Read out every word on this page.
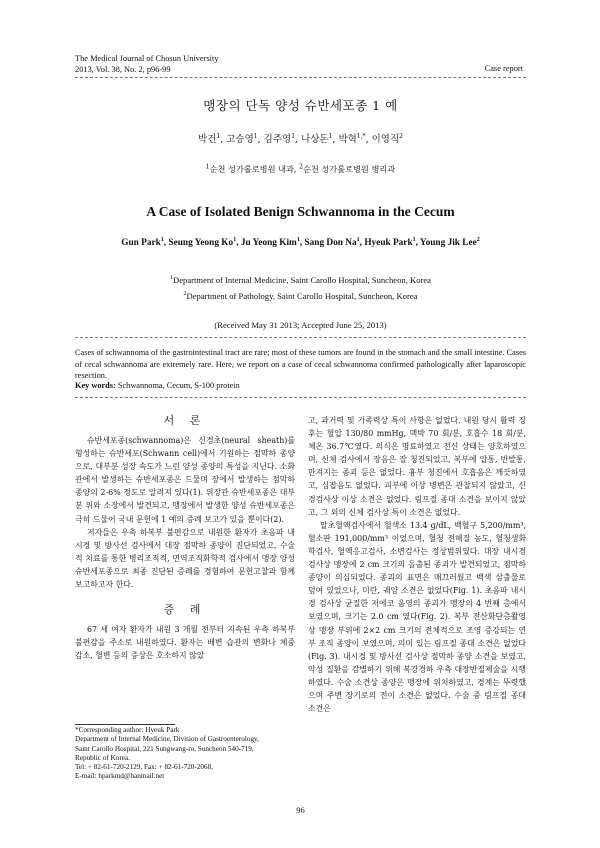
The Medical Journal of Chosun University
2013, Vol. 38, No. 2, p96-99	Case report
맹장의 단독 양성 슈반세포종 1 예
박건$^1$, 고승영$^1$, 김주영$^1$, 나상돈$^1$, 박혁$^{1,*}$, 이영직$^2$
$^1$순천 성가롤로병원 내과, $^2$순천 성가롤로병원 병리과
A Case of Isolated Benign Schwannoma in the Cecum
Gun Park$^1$, Seung Yeong Ko$^1$, Ju Yeong Kim$^1$, Sang Don Na$^1$, Hyeuk Park$^1$, Young Jik Lee$^2$
$^1$Department of Internal Medicine, Saint Carollo Hospital, Suncheon, Korea
$^2$Department of Pathology, Saint Carollo Hospital, Suncheon, Korea
(Received May 31 2013; Accepted June 25, 2013)
Cases of schwannoma of the gastrointestinal tract are rare; most of these tumors are found in the stomach and the small intestine. Cases of cecal schwannoma are extremely rare. Here, we report on a case of cecal schwannoma confirmed pathologically after laparoscopic resection.
Key words: Schwannoma, Cecum, S-100 protein
서 론

슈반세포종(schwannoma)은 신경초(neural sheath)를 형성하는 슈반세포(Schwann cell)에서 기원하는 점막하 종양으로, 대부분 성장 속도가 느린 양성 종양의 특성을 지닌다. 소화관에서 발생하는 슈반세포종은 드물며 장에서 발생하는 점막하 종양의 2-6% 정도로 알려져 있다(1). 위장관 슈반세포종은 대부분 위와 소장에서 발견되고, 맹장에서 발생한 양성 슈반세포종은 극히 드물어 국내 문헌에 1 예의 증례 보고가 있을 뿐이다(2).

저자들은 우측 하복부 불편감으로 내원한 환자가 초음파 내시경 및 방사선 검사에서 대장 점막하 종양이 진단되었고, 수술적 치료를 통한 병리조직적, 면역조직화학적 검사에서 맹장 양성 슈반세포종으로 최종 진단된 증례를 경험하여 문헌고찰과 함께 보고하고자 한다.

증 례

67 세 여자 환자가 내원 3 개월 전부터 지속된 우측 하복부 불편감을 주소로 내원하였다. 환자는 배변 습관의 변화나 체중 감소, 혈변 등의 증상은 호소하지 않았

*Corresponding author: Hyeuk Park
Department of Internal Medicine, Division of Gastroenterology,
Saint Carollo Hospital, 221 Sungwang-ro, Suncheon 540-719,
Republic of Korea.
Tel: + 82-61-720-2129, Fax: + 82-61-720-2068,
E-mail: hparkmd@hanmail.net

고, 과거력 및 가족력상 특이 사항은 없었다. 내원 당시 활력 징후는 혈압 130/80 mmHg, 맥박 70 회/분, 호흡수 18 회/분, 체온 36.7℃였다. 의식은 명료하였고 전신 상태는 양호하였으며, 신체 검사에서 장음은 잘 청진되었고, 복부에 압통, 반발통, 만져지는 종괴 등은 없었다. 흉부 청진에서 호흡음은 깨끗하였고, 심잡음도 없었다. 피부에 이상 병변은 관찰되지 않았고, 신경검사상 이상 소견은 없었다. 림프절 종대 소견을 보이지 않았고, 그 외의 신체 검사상 특이 소견은 없었다.

말초혈액검사에서 혈색소 13.4 g/dL, 백혈구 5,200/mm³, 혈소판 191,000/mm³ 이었으며, 혈청 전해질 농도, 혈청생화학검사, 혈액응고검사, 소변검사는 정상범위였다. 대장 내시경 검사상 맹장에 2 cm 크기의 돌출된 종괴가 발견되었고, 점막하 종양이 의심되었다. 종괴의 표면은 매끄러웠고 백색 삼출물로 덮여 있었으나, 미란, 궤양 소견은 없었다(Fig. 1). 초음파 내시경 검사상 균질한 저에코 음영의 종괴가 맹장의 4 번째 층에서 보였으며, 크기는 2.0 cm 였다(Fig. 2). 복부 전산화단층촬영상 맹장 부위에 2×2 cm 크기의 전체적으로 조영 증강되는 연부 조직 종양이 보였으며, 의미 있는 림프절 종대 소견은 없었다(Fig. 3). 내시경 및 방사선 검사상 점막하 종양 소견을 보였고, 악성 질환을 감별하기 위해 복강경하 우측 대장반절제술을 시행하였다. 수술 소견상 종양은 맹장에 위치하였고, 경계는 뚜렷했으며 주변 장기로의 전이 소견은 없었다. 수술 중 림프절 종대 소견은

96
